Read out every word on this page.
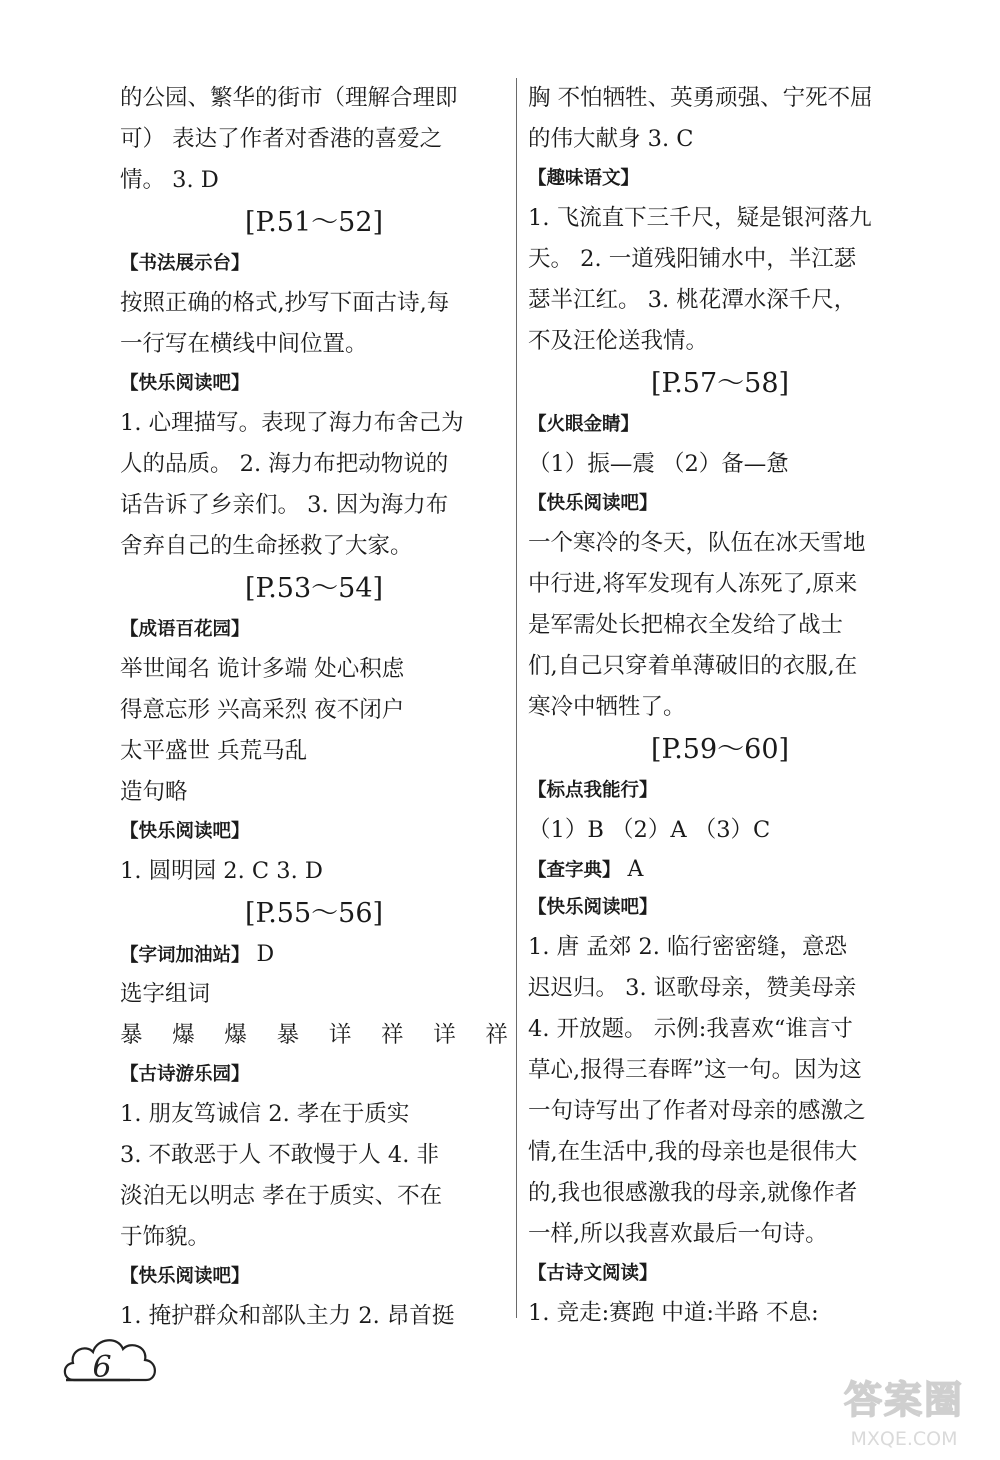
的公园、繁华的街市（理解合理即
可） 表达了作者对香港的喜爱之
情。 3. D
[P.51～52]
【书法展示台】
按照正确的格式,抄写下面古诗,每
一行写在横线中间位置。
【快乐阅读吧】
1. 心理描写。表现了海力布舍己为
人的品质。 2. 海力布把动物说的
话告诉了乡亲们。 3. 因为海力布
舍弃自己的生命拯救了大家。
[P.53～54]
【成语百花园】
举世闻名 诡计多端 处心积虑
得意忘形 兴高采烈 夜不闭户
太平盛世 兵荒马乱
造句略
【快乐阅读吧】
1. 圆明园 2. C 3. D
[P.55～56]
【字词加油站】 D
选字组词
暴 爆 爆 暴 详 祥 详 祥
【古诗游乐园】
1. 朋友笃诚信 2. 孝在于质实
3. 不敢恶于人 不敢慢于人 4. 非
淡泊无以明志 孝在于质实、不在
于饰貌。
【快乐阅读吧】
1. 掩护群众和部队主力 2. 昂首挺
胸 不怕牺牲、英勇顽强、宁死不屈
的伟大献身 3. C
【趣味语文】
1. 飞流直下三千尺，疑是银河落九
天。 2. 一道残阳铺水中，半江瑟
瑟半江红。 3. 桃花潭水深千尺，
不及汪伦送我情。
[P.57～58]
【火眼金睛】
（1）振—震 （2）备—惫
【快乐阅读吧】
一个寒冷的冬天，队伍在冰天雪地
中行进,将军发现有人冻死了,原来
是军需处长把棉衣全发给了战士
们,自己只穿着单薄破旧的衣服,在
寒冷中牺牲了。
[P.59～60]
【标点我能行】
（1）B （2）A （3）C
【查字典】 A
【快乐阅读吧】
1. 唐 孟郊 2. 临行密密缝，意恐
迟迟归。 3. 讴歌母亲，赞美母亲
4. 开放题。 示例:我喜欢“谁言寸
草心,报得三春晖”这一句。因为这
一句诗写出了作者对母亲的感激之
情,在生活中,我的母亲也是很伟大
的,我也很感激我的母亲,就像作者
一样,所以我喜欢最后一句诗。
【古诗文阅读】
1. 竞走:赛跑 中道:半路 不息:
6
答案圈
MXQE.COM
